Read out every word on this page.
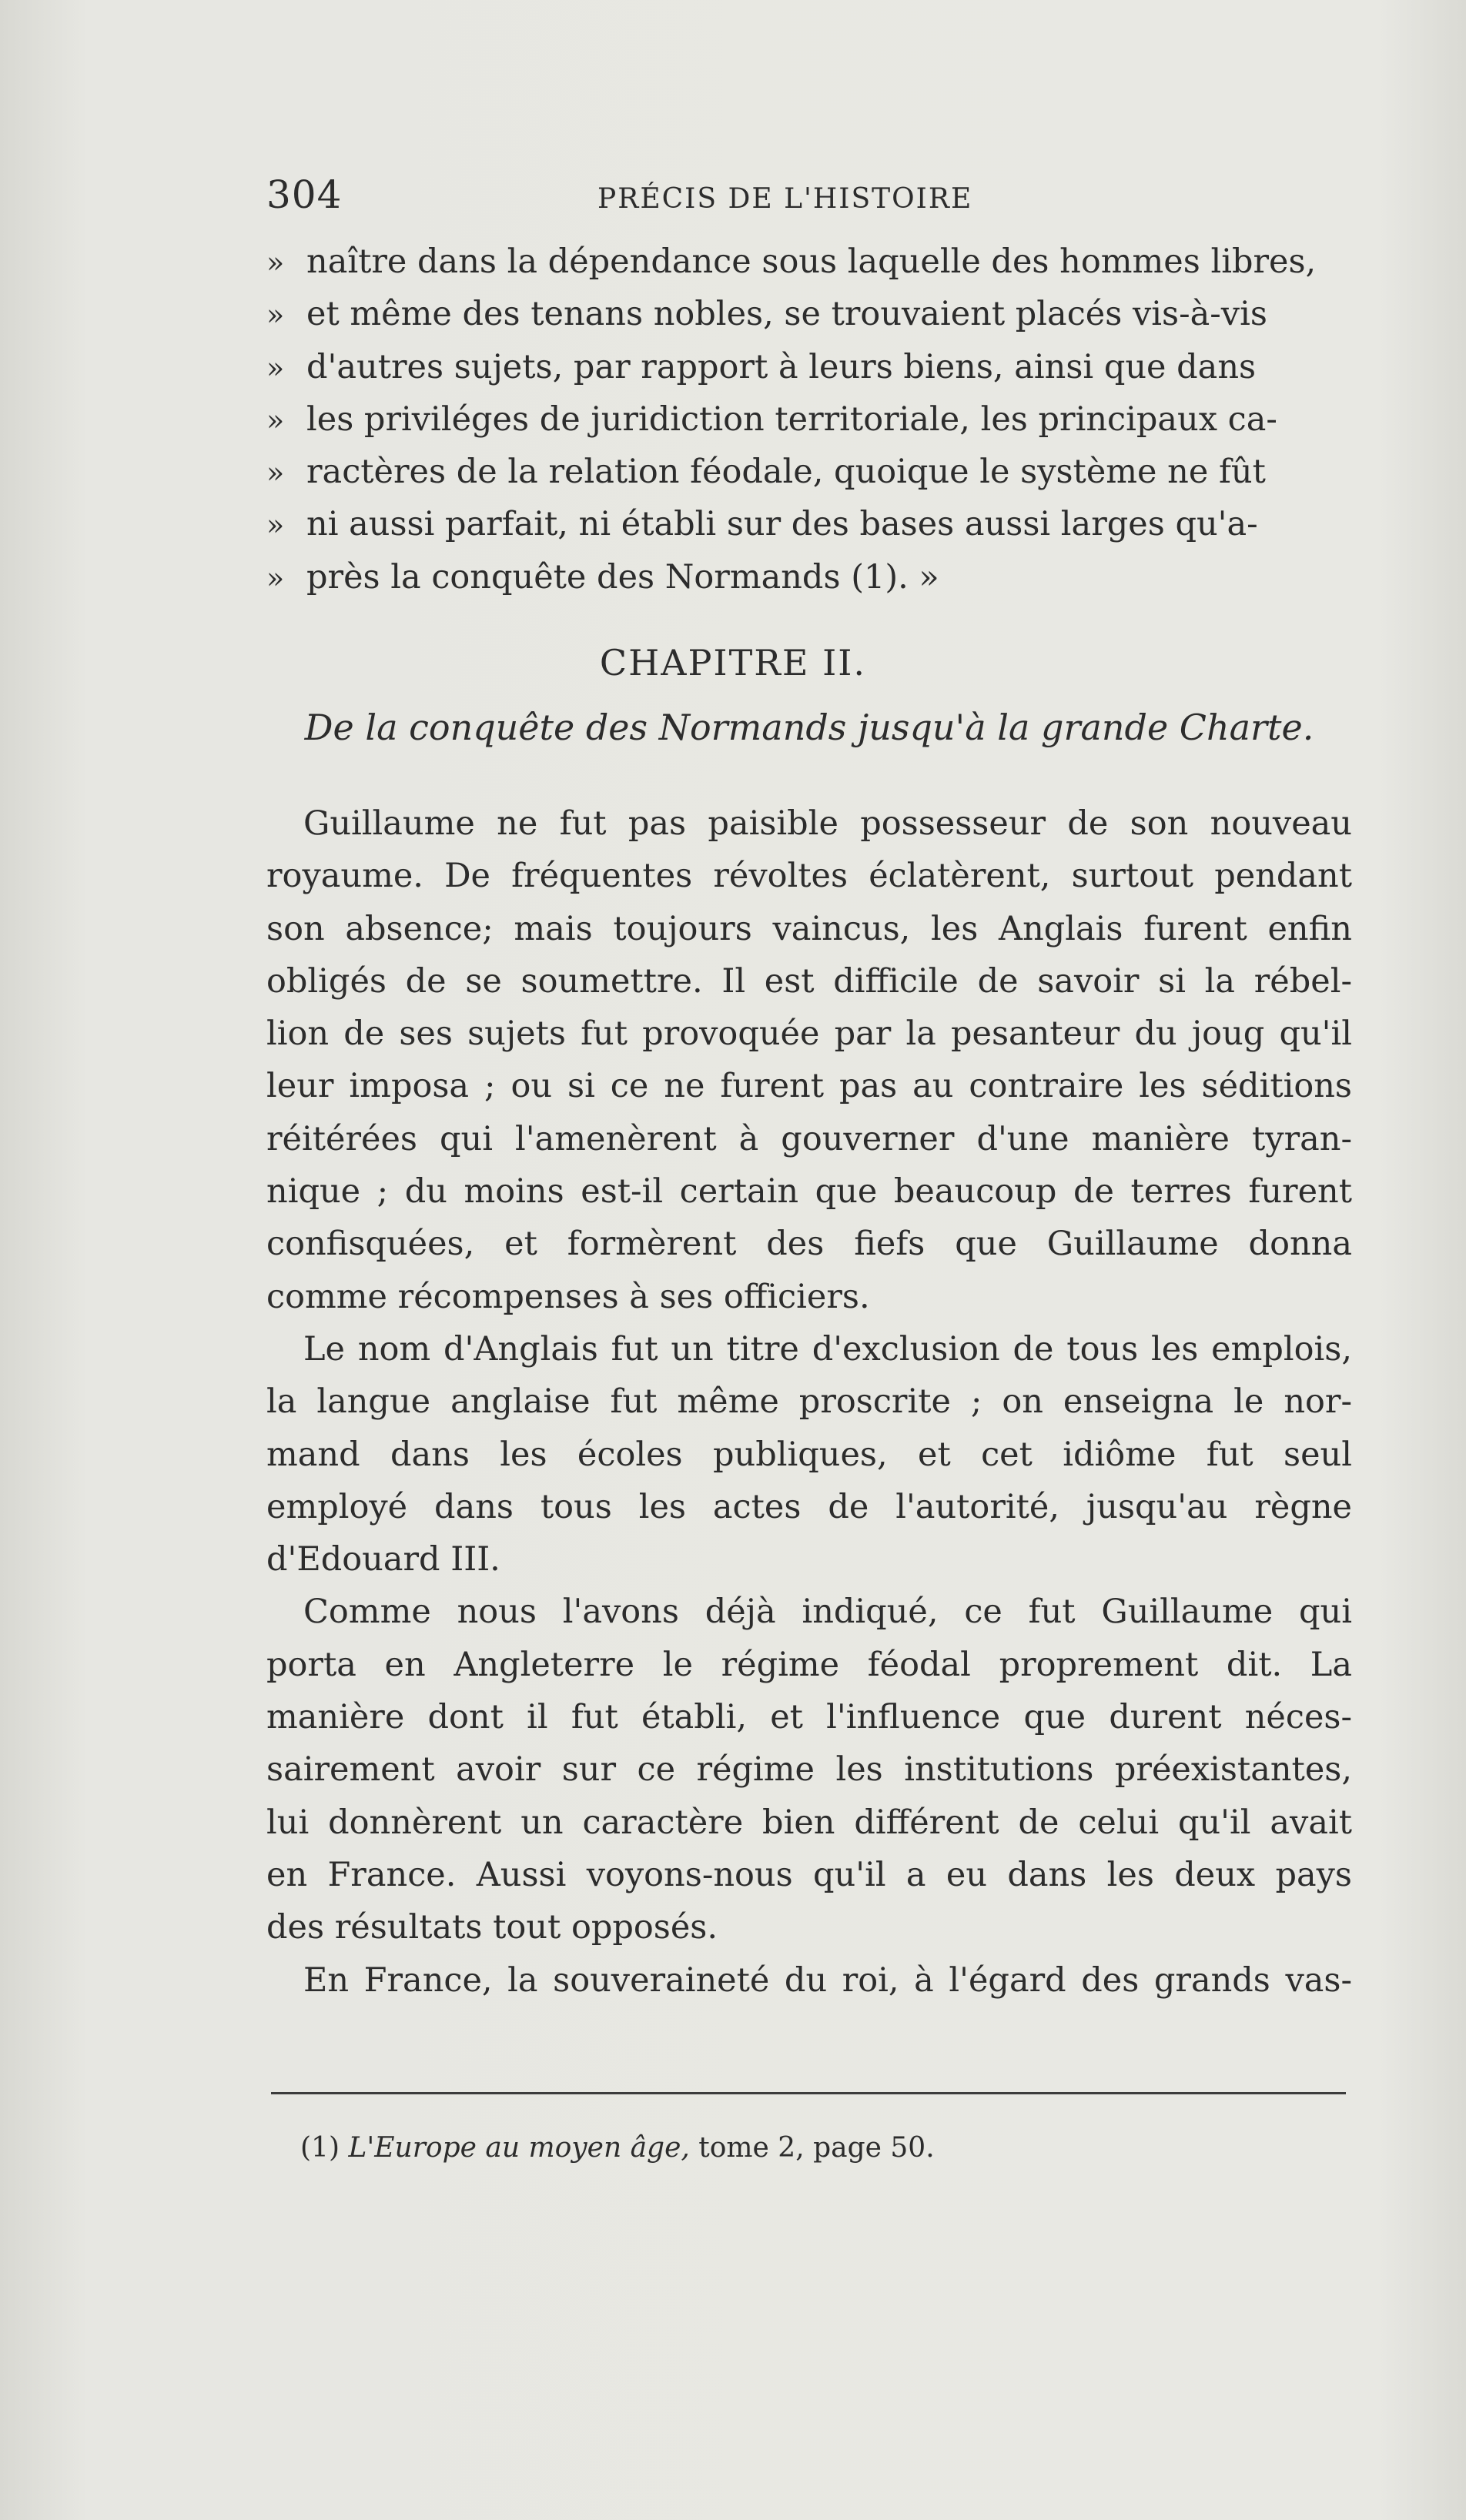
304	PRÉCIS DE L'HISTOIRE
» naître dans la dépendance sous laquelle des hommes libres,
» et même des tenans nobles, se trouvaient placés vis-à-vis
» d'autres sujets, par rapport à leurs biens, ainsi que dans
» les priviléges de juridiction territoriale, les principaux ca-
» ractères de la relation féodale, quoique le système ne fût
» ni aussi parfait, ni établi sur des bases aussi larges qu'a-
» près la conquête des Normands (1). »
CHAPITRE II.
De la conquête des Normands jusqu'à la grande Charte.
Guillaume ne fut pas paisible possesseur de son nouveau
royaume. De fréquentes révoltes éclatèrent, surtout pendant
son absence; mais toujours vaincus, les Anglais furent enfin
obligés de se soumettre. Il est difficile de savoir si la rébel-
lion de ses sujets fut provoquée par la pesanteur du joug qu'il
leur imposa ; ou si ce ne furent pas au contraire les séditions
réitérées qui l'amenèrent à gouverner d'une manière tyran-
nique ; du moins est-il certain que beaucoup de terres furent
confisquées, et formèrent des fiefs que Guillaume donna
comme récompenses à ses officiers.
Le nom d'Anglais fut un titre d'exclusion de tous les emplois,
la langue anglaise fut même proscrite ; on enseigna le nor-
mand dans les écoles publiques, et cet idiôme fut seul
employé dans tous les actes de l'autorité, jusqu'au règne
d'Edouard III.
Comme nous l'avons déjà indiqué, ce fut Guillaume qui
porta en Angleterre le régime féodal proprement dit. La
manière dont il fut établi, et l'influence que durent néces-
sairement avoir sur ce régime les institutions préexistantes,
lui donnèrent un caractère bien différent de celui qu'il avait
en France. Aussi voyons-nous qu'il a eu dans les deux pays
des résultats tout opposés.
En France, la souveraineté du roi, à l'égard des grands vas-
(1) L'Europe au moyen âge, tome 2, page 50.
